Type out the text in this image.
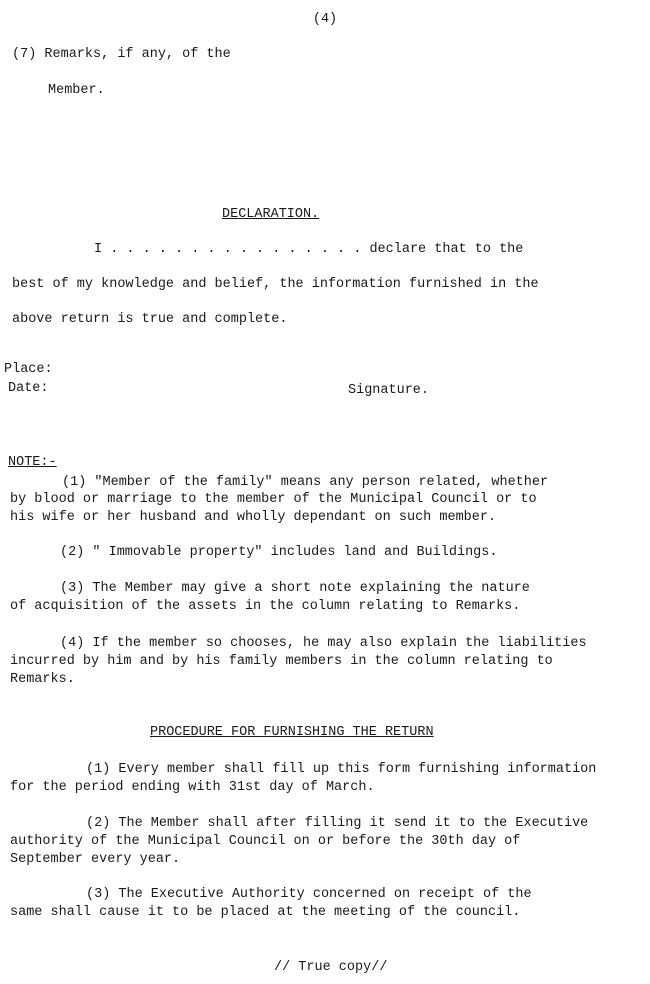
(4)
(7) Remarks, if any, of the
Member.
DECLARATION.
I . . . . . . . . . . . . . . . . declare that to the
best of my knowledge and belief, the information furnished in the
above return is true and complete.
Place:
Date:	Signature.
NOTE:-
(1) "Member of the family" means any person related, whether
by blood or marriage to the member of the Municipal Council or to
his wife or her husband and wholly dependant on such member.
(2) " Immovable property" includes land and Buildings.
(3) The Member may give a short note explaining the nature
of acquisition of the assets in the column relating to Remarks.
(4) If the member so chooses, he may also explain the liabilities
incurred by him and by his family members in the column relating to
Remarks.
PROCEDURE FOR FURNISHING THE RETURN
(1) Every member shall fill up this form furnishing information
for the period ending with 31st day of March.
(2) The Member shall after filling it send it to the Executive
authority of the Municipal Council on or before the 30th day of
September every year.
(3) The Executive Authority concerned on receipt of the
same shall cause it to be placed at the meeting of the council.
// True copy//
